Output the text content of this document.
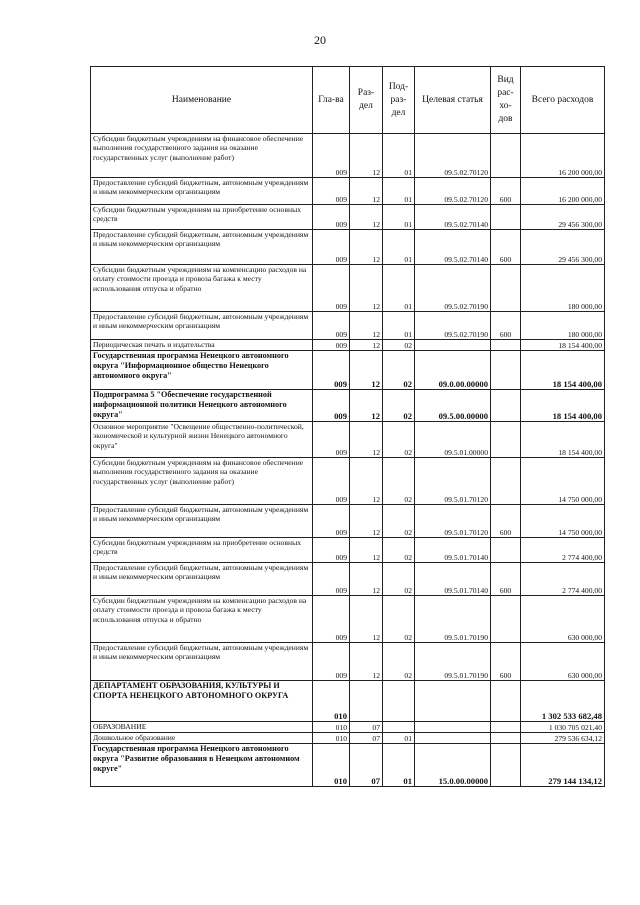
20
Наименование	Гла-ва	Раз-дел	Под-раз-дел	Целевая статья	Вид рас-хо-дов	Всего расходов
Субсидии бюджетным учреждениям на финансовое обеспечение выполнения государственного задания на оказание государственных услуг (выполнение работ)	009	12	01	09.5.02.70120		16 200 000,00
Предоставление субсидий бюджетным, автономным учреждениям и иным некоммерческим организациям	009	12	01	09.5.02.70120	600	16 200 000,00
Субсидии бюджетным учреждениям на приобретение основных средств	009	12	01	09.5.02.70140		29 456 300,00
Предоставление субсидий бюджетным, автономным учреждениям и иным некоммерческим организациям	009	12	01	09.5.02.70140	600	29 456 300,00
Субсидии бюджетным учреждениям на компенсацию расходов на оплату стоимости проезда и провоза багажа к месту использования отпуска и обратно	009	12	01	09.5.02.70190		180 000,00
Предоставление субсидий бюджетным, автономным учреждениям и иным некоммерческим организациям	009	12	01	09.5.02.70190	600	180 000,00
Периодическая печать и издательства	009	12	02			18 154 400,00
Государственная программа Ненецкого автономного округа "Информационное общество Ненецкого автономного округа"	009	12	02	09.0.00.00000		18 154 400,00
Подпрограмма 5 "Обеспечение государственной информационной политики Ненецкого автономного округа"	009	12	02	09.5.00.00000		18 154 400,00
Основное мероприятие "Освещение общественно-политической, экономической и культурной жизни Ненецкого автономного округа"	009	12	02	09.5.01.00000		18 154 400,00
Субсидии бюджетным учреждениям на финансовое обеспечение выполнения государственного задания на оказание государственных услуг (выполнение работ)	009	12	02	09.5.01.70120		14 750 000,00
Предоставление субсидий бюджетным, автономным учреждениям и иным некоммерческим организациям	009	12	02	09.5.01.70120	600	14 750 000,00
Субсидии бюджетным учреждениям на приобретение основных средств	009	12	02	09.5.01.70140		2 774 400,00
Предоставление субсидий бюджетным, автономным учреждениям и иным некоммерческим организациям	009	12	02	09.5.01.70140	600	2 774 400,00
Субсидии бюджетным учреждениям на компенсацию расходов на оплату стоимости проезда и провоза багажа к месту использования отпуска и обратно	009	12	02	09.5.01.70190		630 000,00
Предоставление субсидий бюджетным, автономным учреждениям и иным некоммерческим организациям	009	12	02	09.5.01.70190	600	630 000,00
ДЕПАРТАМЕНТ ОБРАЗОВАНИЯ, КУЛЬТУРЫ И СПОРТА НЕНЕЦКОГО АВТОНОМНОГО ОКРУГА	010					1 302 533 682,48
ОБРАЗОВАНИЕ	010	07				1 030 705 021,40
Дошкольное образование	010	07	01			279 536 634,12
Государственная программа Ненецкого автономного округа "Развитие образования в Ненецком автономном округе"	010	07	01	15.0.00.00000		279 144 134,12
